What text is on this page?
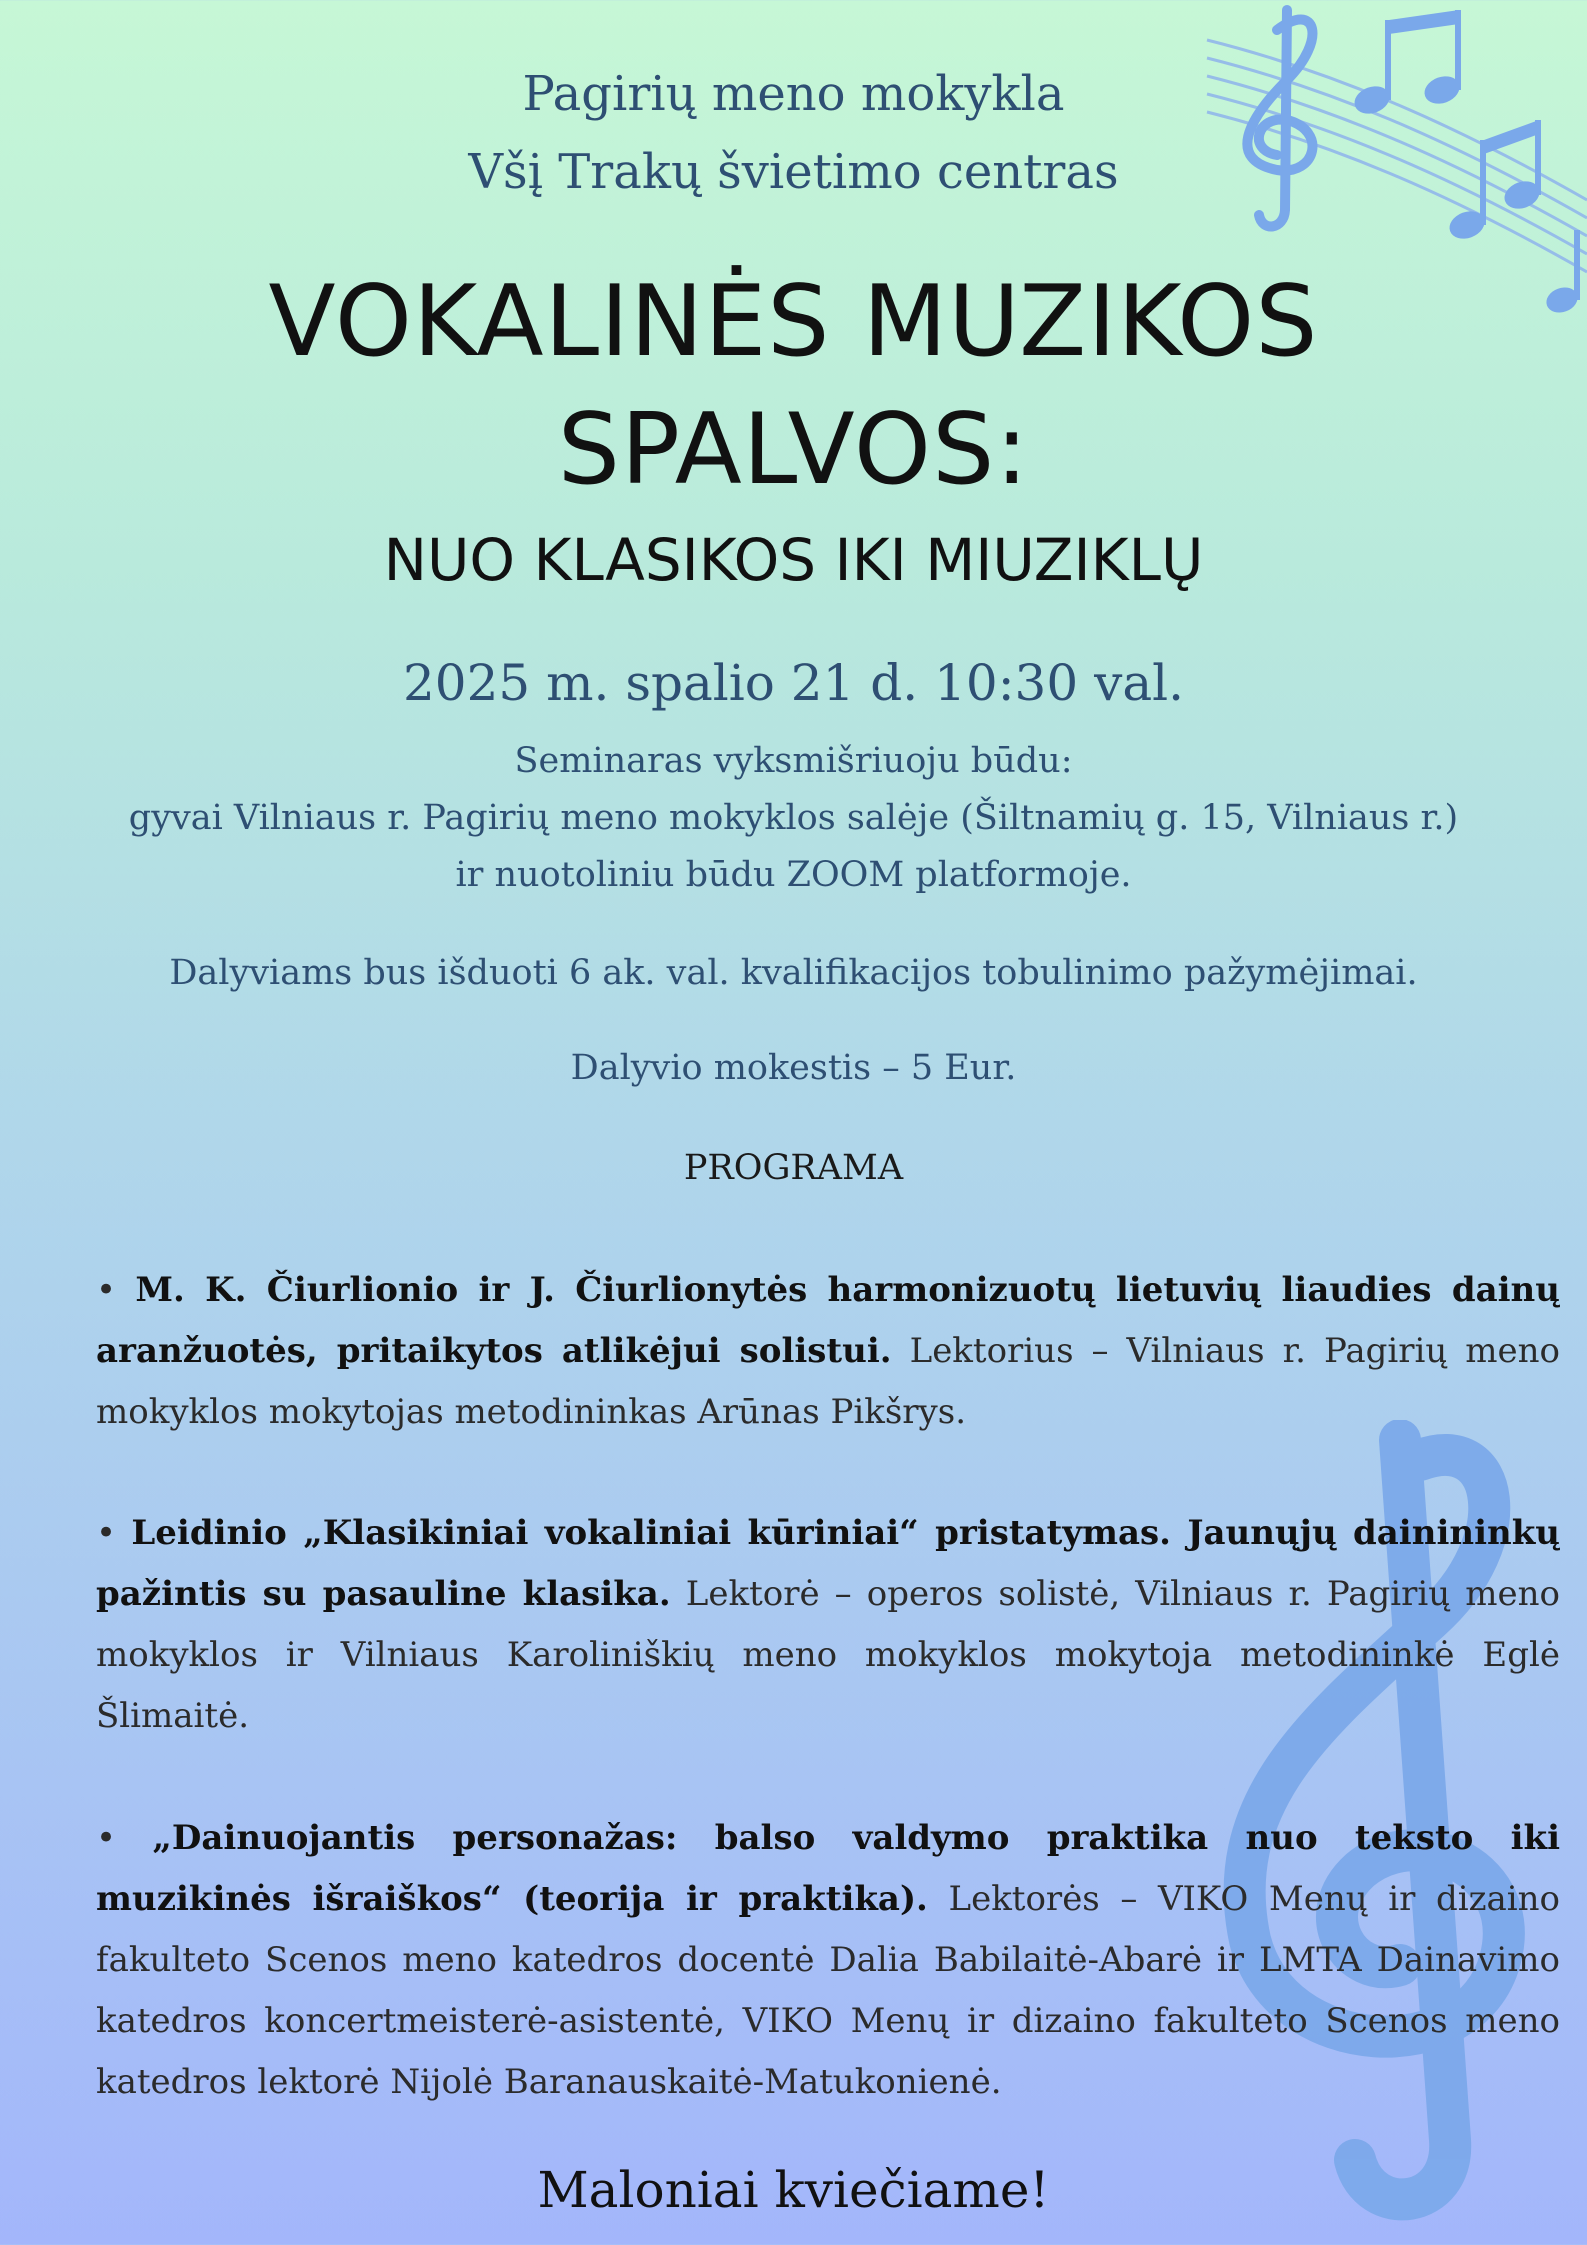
Pagirių meno mokykla
Všį Trakų švietimo centras
VOKALINĖS MUZIKOS
SPALVOS:
NUO KLASIKOS IKI MIUZIKLŲ
2025 m. spalio 21 d. 10:30 val.
Seminaras vyksmišriuoju būdu:
gyvai Vilniaus r. Pagirių meno mokyklos salėje (Šiltnamių g. 15, Vilniaus r.)
ir nuotoliniu būdu ZOOM platformoje.
Dalyviams bus išduoti 6 ak. val. kvalifikacijos tobulinimo pažymėjimai.
Dalyvio mokestis – 5 Eur.
PROGRAMA
• M. K. Čiurlionio ir J. Čiurlionytės harmonizuotų lietuvių liaudies dainų aranžuotės, pritaikytos atlikėjui solistui. Lektorius – Vilniaus r. Pagirių meno mokyklos mokytojas metodininkas Arūnas Pikšrys.
• Leidinio „Klasikiniai vokaliniai kūriniai“ pristatymas. Jaunųjų dainininkų pažintis su pasauline klasika. Lektorė – operos solistė, Vilniaus r. Pagirių meno mokyklos ir Vilniaus Karoliniškių meno mokyklos mokytoja metodininkė Eglė Šlimaitė.
• „Dainuojantis personažas: balso valdymo praktika nuo teksto iki muzikinės išraiškos“ (teorija ir praktika). Lektorės – VIKO Menų ir dizaino fakulteto Scenos meno katedros docentė Dalia Babilaitė-Abarė ir LMTA Dainavimo katedros koncertmeisterė-asistentė, VIKO Menų ir dizaino fakulteto Scenos meno katedros lektorė Nijolė Baranauskaitė-Matukonienė.
Maloniai kviečiame!
